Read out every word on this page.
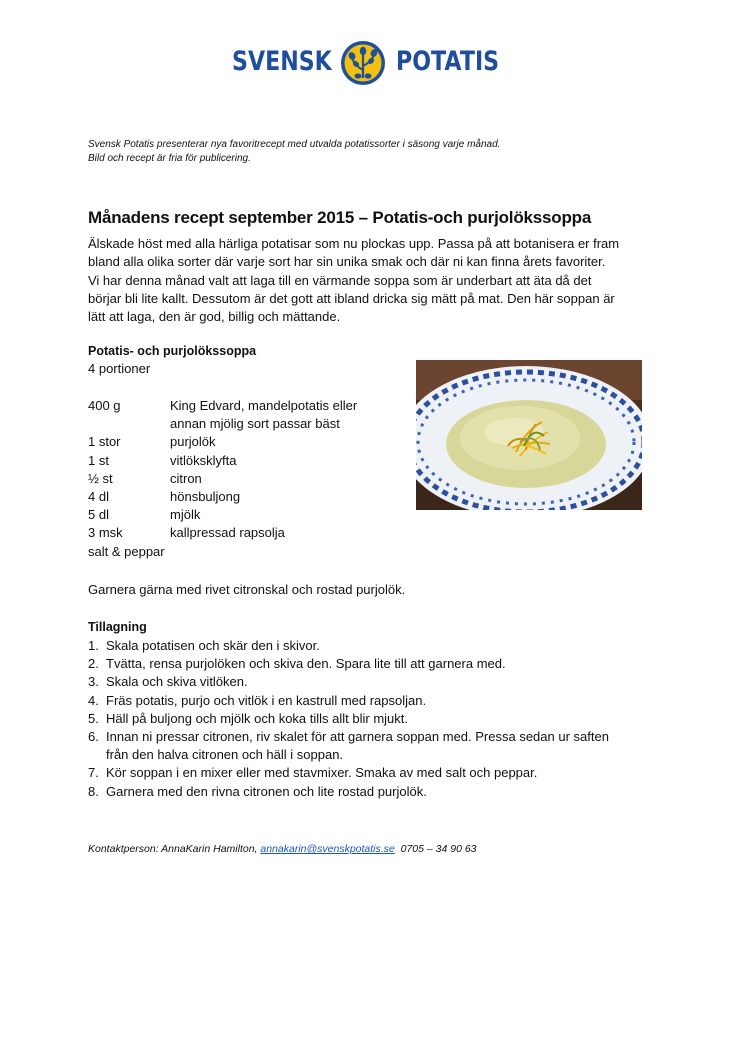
SVENSK POTATIS
Svensk Potatis presenterar nya favoritrecept med utvalda potatissorter i säsong varje månad.
Bild och recept är fria för publicering.
Månadens recept september 2015 – Potatis-och purjolökssoppa
Älskade höst med alla härliga potatisar som nu plockas upp. Passa på att botanisera er fram
bland alla olika sorter där varje sort har sin unika smak och där ni kan finna årets favoriter.
Vi har denna månad valt att laga till en värmande soppa som är underbart att äta då det
börjar bli lite kallt. Dessutom är det gott att ibland dricka sig mätt på mat. Den här soppan är
lätt att laga, den är god, billig och mättande.
Potatis- och purjolökssoppa
4 portioner
400 g	King Edvard, mandelpotatis eller
annan mjölig sort passar bäst
1 stor	purjolök
1 st	vitlöksklyfta
½ st	citron
4 dl	hönsbuljong
5 dl	mjölk
3 msk	kallpressad rapsolja
salt & peppar
Garnera gärna med rivet citronskal och rostad purjolök.
Tillagning
1. Skala potatisen och skär den i skivor.
2. Tvätta, rensa purjolöken och skiva den. Spara lite till att garnera med.
3. Skala och skiva vitlöken.
4. Fräs potatis, purjo och vitlök i en kastrull med rapsoljan.
5. Häll på buljong och mjölk och koka tills allt blir mjukt.
6. Innan ni pressar citronen, riv skalet för att garnera soppan med. Pressa sedan ur saften
från den halva citronen och häll i soppan.
7. Kör soppan i en mixer eller med stavmixer. Smaka av med salt och peppar.
8. Garnera med den rivna citronen och lite rostad purjolök.
Kontaktperson: AnnaKarin Hamilton, annakarin@svenskpotatis.se  0705 – 34 90 63
